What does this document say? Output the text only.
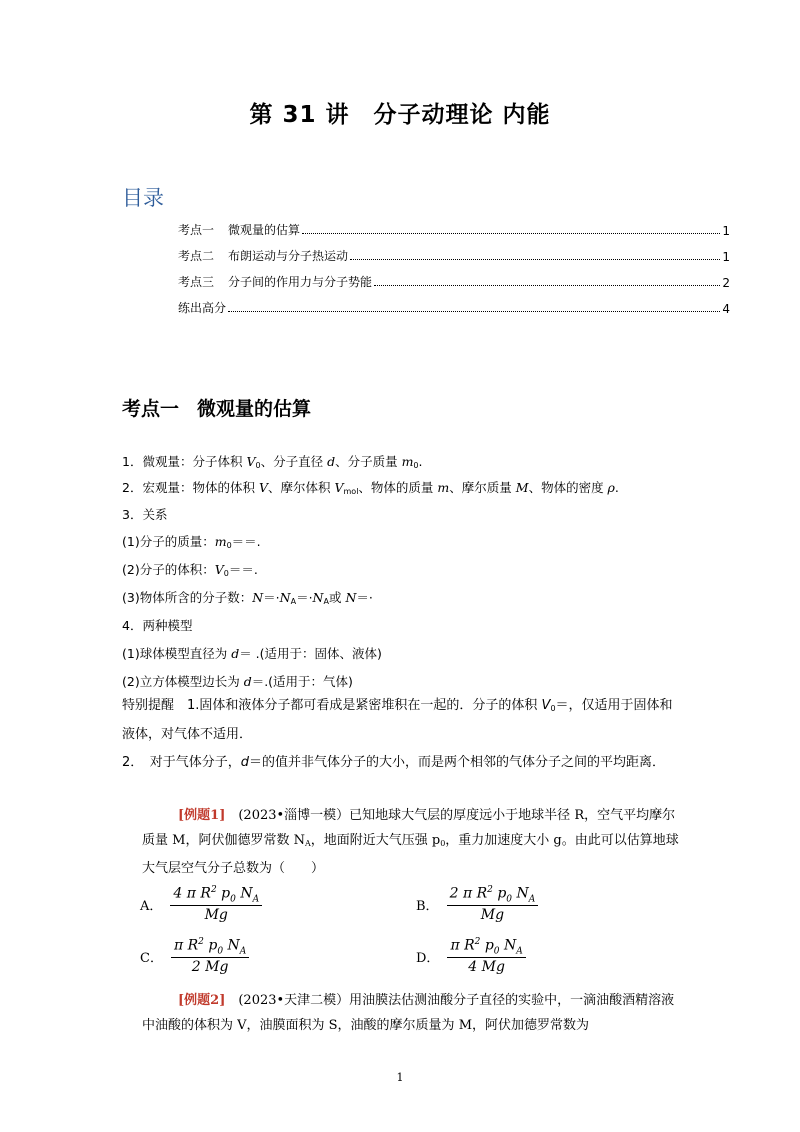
第 31 讲　分子动理论 内能
目录
考点一 微观量的估算	1
考点二 布朗运动与分子热运动	1
考点三 分子间的作用力与分子势能	2
练出高分	4
考点一 微观量的估算
1．微观量：分子体积 $V_0$、分子直径 d、分子质量 $m_0$.
2．宏观量：物体的体积 V、摩尔体积 $V_{mol}$、物体的质量 m、摩尔质量 M、物体的密度 ρ.
3．关系
(1)分子的质量：$m_0==$.
(2)分子的体积：$V_0==$.
(3)物体所含的分子数：$N=\cdot N_A=\cdot N_A$或 N＝·
4．两种模型
(1)球体模型直径为 d＝ .(适用于：固体、液体)
(2)立方体模型边长为 d＝.(适用于：气体)
特别提醒　1.固体和液体分子都可看成是紧密堆积在一起的．分子的体积 $V_0=$，仅适用于固体和液体，对气体不适用．
2．　对于气体分子，d＝的值并非气体分子的大小，而是两个相邻的气体分子之间的平均距离．
[例题1]　(2023•淄博一模）已知地球大气层的厚度远小于地球半径 R，空气平均摩尔质量 M，阿伏伽德罗常数 $N_A$，地面附近大气压强 $p_0$，重力加速度大小 g。由此可以估算地球大气层空气分子总数为（　　）
A． $\frac{4 \pi R^2 p_0 N_A}{Mg}$	B． $\frac{2 \pi R^2 p_0 N_A}{Mg}$
C． $\frac{\pi R^2 p_0 N_A}{2 Mg}$	D． $\frac{\pi R^2 p_0 N_A}{4 Mg}$
[例题2]　(2023•天津二模）用油膜法估测油酸分子直径的实验中，一滴油酸酒精溶液中油酸的体积为 V，油膜面积为 S，油酸的摩尔质量为 M，阿伏加德罗常数为
1
